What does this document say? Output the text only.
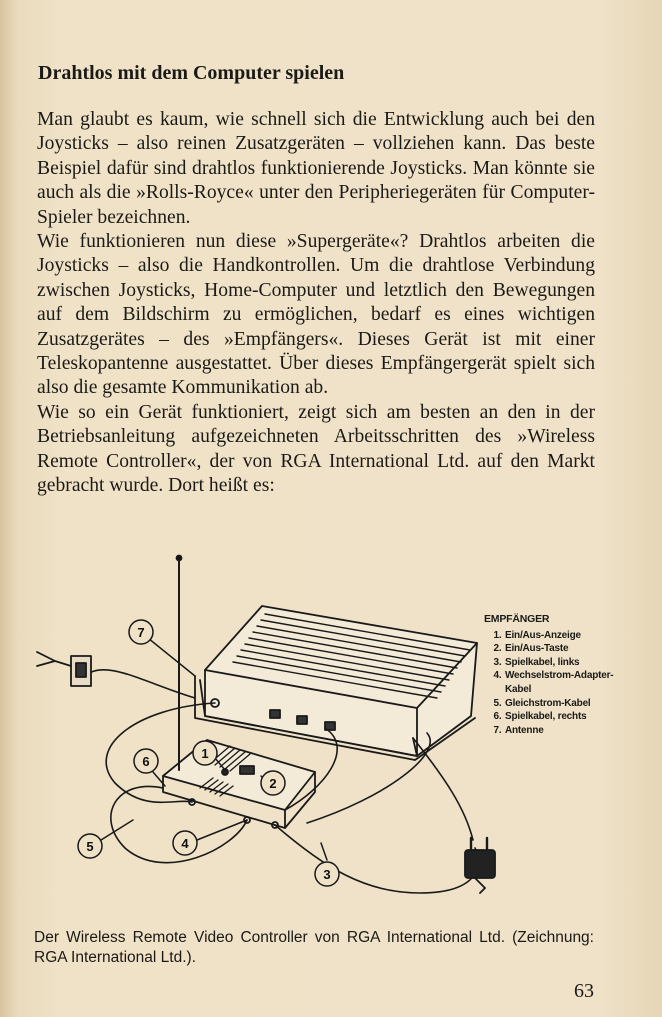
Drahtlos mit dem Computer spielen

Man glaubt es kaum, wie schnell sich die Entwicklung auch bei den Joysticks – also reinen Zusatzgeräten – vollziehen kann. Das beste Beispiel dafür sind drahtlos funktionierende Joysticks. Man könnte sie auch als die »Rolls-Royce« unter den Peripheriegeräten für Computer-Spieler bezeichnen.

Wie funktionieren nun diese »Supergeräte«? Drahtlos arbeiten die Joysticks – also die Handkontrollen. Um die drahtlose Verbindung zwischen Joysticks, Home-Computer und letztlich den Bewegungen auf dem Bildschirm zu ermöglichen, bedarf es eines wichtigen Zusatzgerätes – des »Empfängers«. Dieses Gerät ist mit einer Teleskopantenne ausgestattet. Über dieses Empfängergerät spielt sich also die gesamte Kommunikation ab.

Wie so ein Gerät funktioniert, zeigt sich am besten an den in der Betriebsanleitung aufgezeichneten Arbeitsschritten des »Wireless Remote Controller«, der von RGA International Ltd. auf den Markt gebracht wurde. Dort heißt es:

7
1
2
6
5	4
3
EMPFÄNGER
1. Ein/Aus-Anzeige
2. Ein/Aus-Taste
3. Spielkabel, links
4. Wechselstrom-Adapter-Kabel
5. Gleichstrom-Kabel
6. Spielkabel, rechts
7. Antenne
Der Wireless Remote Video Controller von RGA International Ltd. (Zeichnung: RGA International Ltd.).
63
